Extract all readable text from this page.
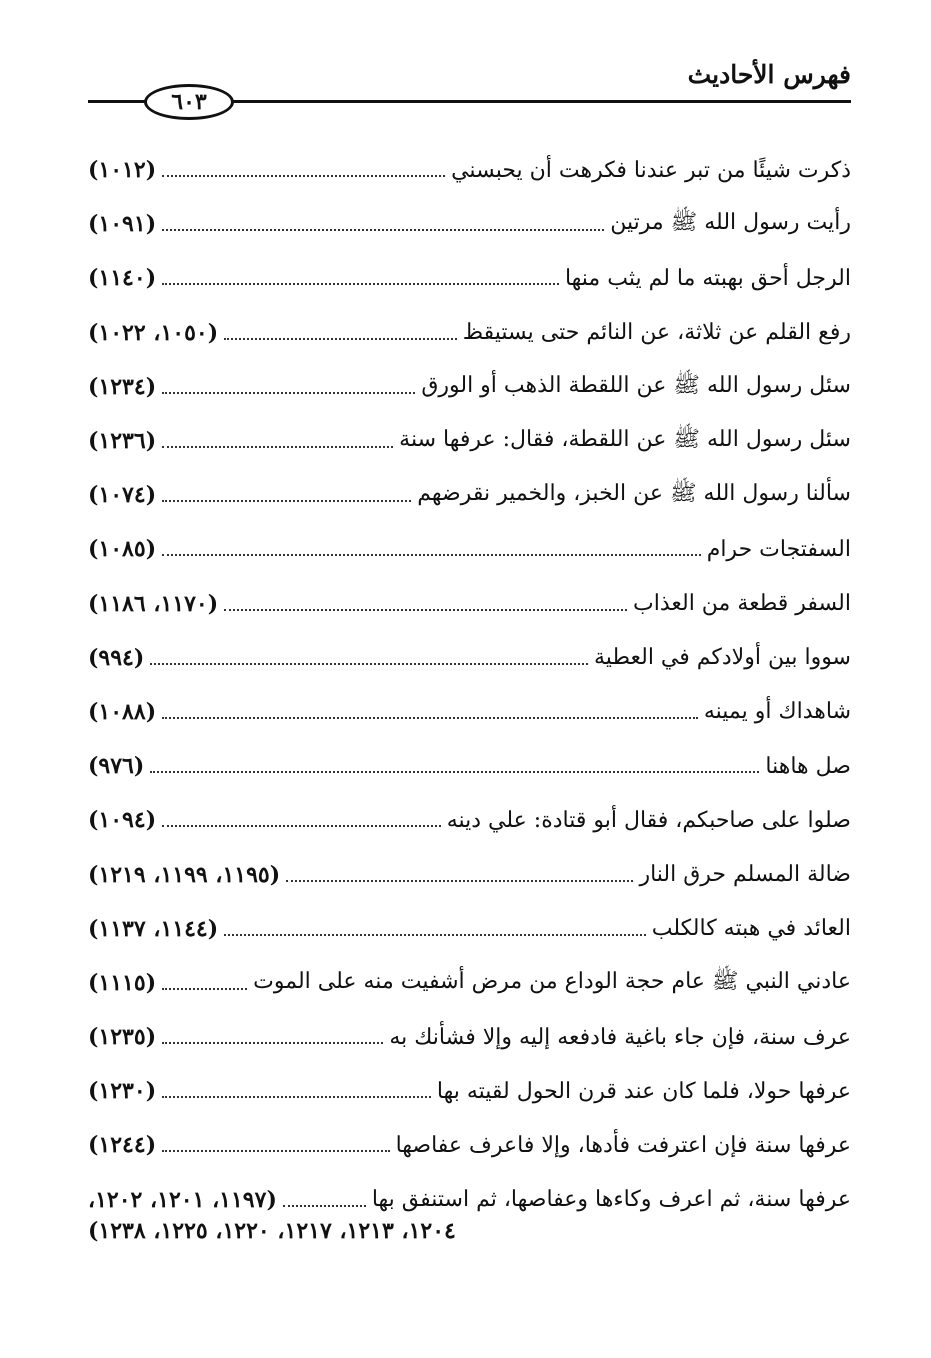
فهرس الأحاديث
٦٠٣
ذكرت شيئًا من تبر عندنا فكرهت أن يحبسني
(١٠١٢)
رأيت رسول الله ﷺ مرتين
(١٠٩١)
الرجل أحق بهبته ما لم يثب منها
(١١٤٠)
رفع القلم عن ثلاثة، عن النائم حتى يستيقظ
(١٠٥٠، ١٠٢٢)
سئل رسول الله ﷺ عن اللقطة الذهب أو الورق
(١٢٣٤)
سئل رسول الله ﷺ عن اللقطة، فقال: عرفها سنة
(١٢٣٦)
سألنا رسول الله ﷺ عن الخبز، والخمير نقرضهم
(١٠٧٤)
السفتجات حرام
(١٠٨٥)
السفر قطعة من العذاب
(١١٧٠، ١١٨٦)
سووا بين أولادكم في العطية
(٩٩٤)
شاهداك أو يمينه
(١٠٨٨)
صل هاهنا
(٩٧٦)
صلوا على صاحبكم، فقال أبو قتادة: علي دينه
(١٠٩٤)
ضالة المسلم حرق النار
(١١٩٥، ١١٩٩، ١٢١٩)
العائد في هبته كالكلب
(١١٤٤، ١١٣٧)
عادني النبي ﷺ عام حجة الوداع من مرض أشفيت منه على الموت
(١١١٥)
عرف سنة، فإن جاء باغية فادفعه إليه وإلا فشأنك به
(١٢٣٥)
عرفها حولا، فلما كان عند قرن الحول لقيته بها
(١٢٣٠)
عرفها سنة فإن اعترفت فأدها، وإلا فاعرف عفاصها
(١٢٤٤)
عرفها سنة، ثم اعرف وكاءها وعفاصها، ثم استنفق بها
(١١٩٧، ١٢٠١، ١٢٠٢،
١٢٠٤، ١٢١٣، ١٢١٧، ١٢٢٠، ١٢٢٥، ١٢٣٨)
